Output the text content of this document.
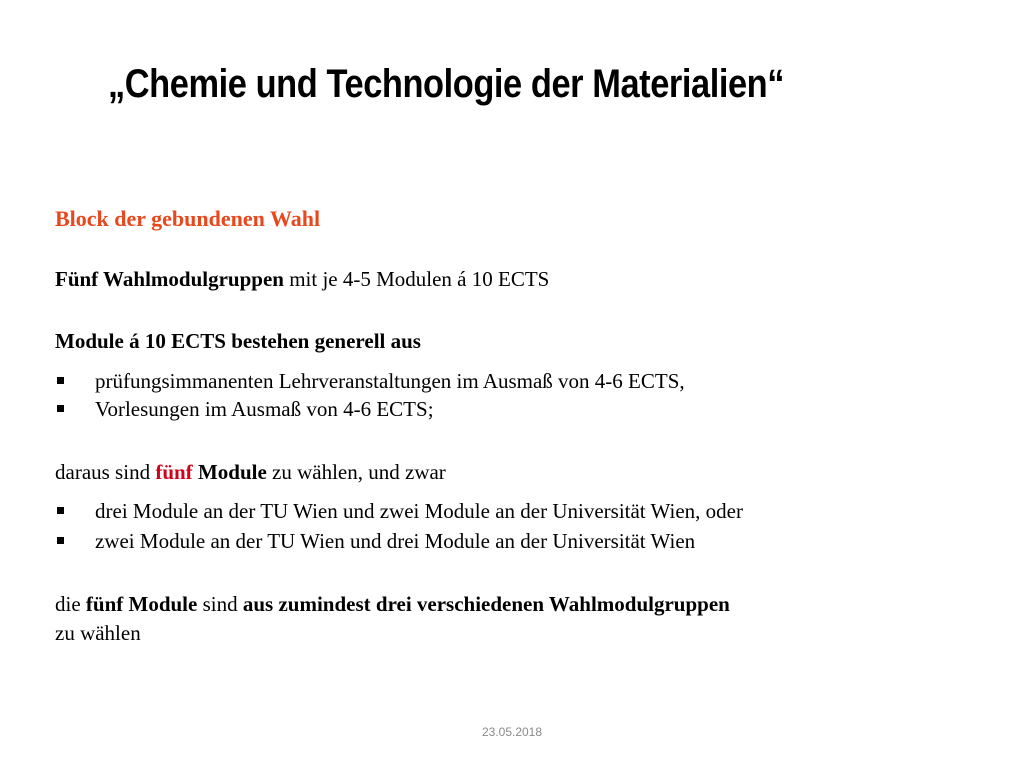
„Chemie und Technologie der Materialien“
Block der gebundenen Wahl
Fünf Wahlmodulgruppen mit je 4-5 Modulen á 10 ECTS
Module á 10 ECTS bestehen generell aus
prüfungsimmanenten Lehrveranstaltungen im Ausmaß von 4-6 ECTS,
Vorlesungen im Ausmaß von 4-6 ECTS;
daraus sind fünf Module zu wählen, und zwar
drei Module an der TU Wien und zwei Module an der Universität Wien, oder
zwei Module an der TU Wien und drei Module an der Universität Wien
die fünf Module sind aus zumindest drei verschiedenen Wahlmodulgruppen
zu wählen
23.05.2018
